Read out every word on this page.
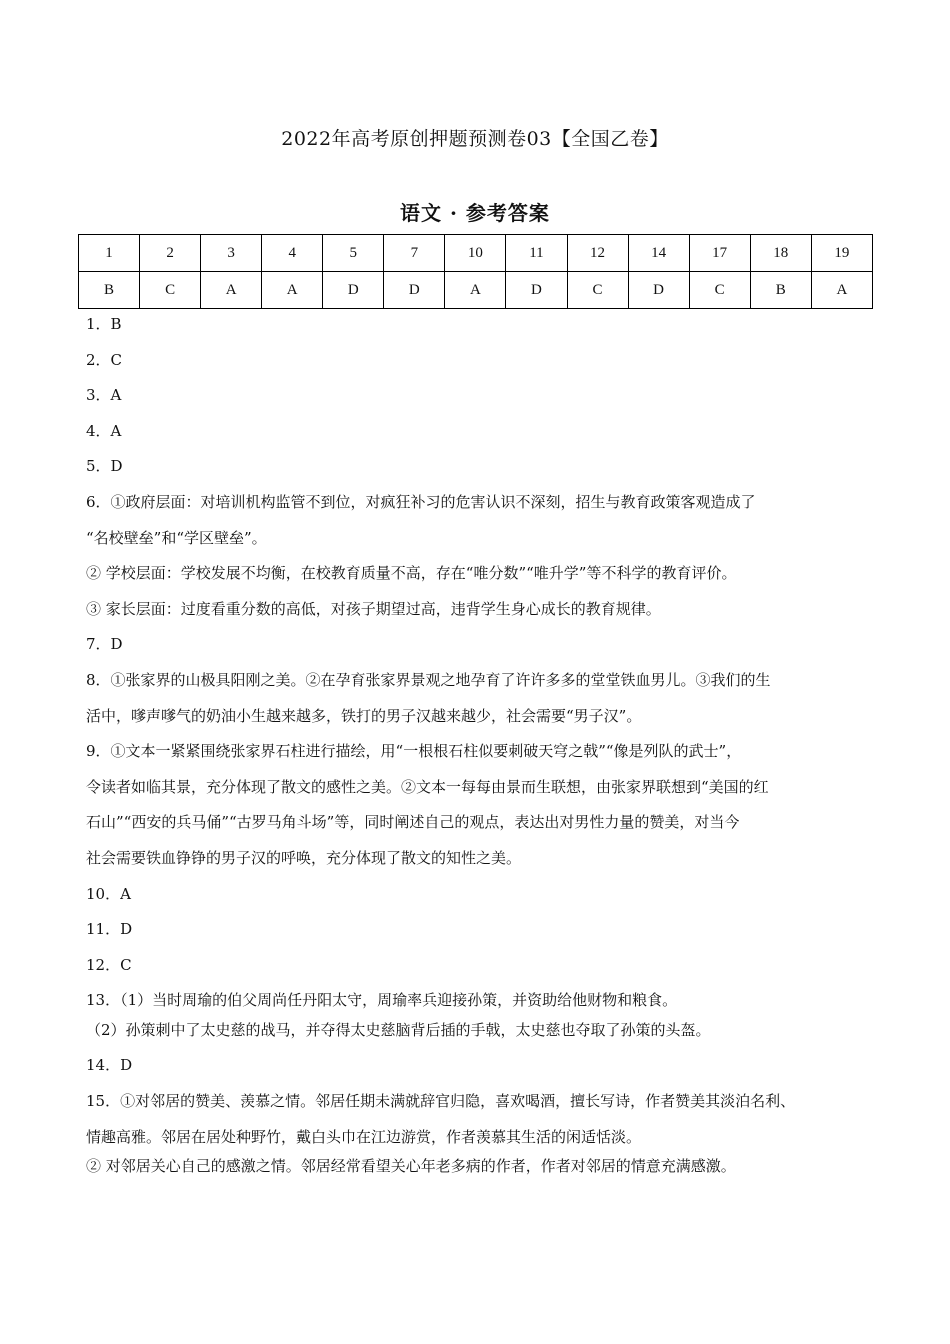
2022年高考原创押题预测卷03【全国乙卷】
语文 · 参考答案
1	2	3	4	5	7	10	11	12	14	17	18	19
B	C	A	A	D	D	A	D	C	D	C	B	A
1．B
2．C
3．A
4．A
5．D
6．①政府层面：对培训机构监管不到位，对疯狂补习的危害认识不深刻，招生与教育政策客观造成了
“名校壁垒”和“学区壁垒”。
② 学校层面：学校发展不均衡，在校教育质量不高，存在“唯分数”“唯升学”等不科学的教育评价。
③ 家长层面：过度看重分数的高低，对孩子期望过高，违背学生身心成长的教育规律。
7．D
8．①张家界的山极具阳刚之美。②在孕育张家界景观之地孕育了许许多多的堂堂铁血男儿。③我们的生
活中，嗲声嗲气的奶油小生越来越多，铁打的男子汉越来越少，社会需要“男子汉”。
9．①文本一紧紧围绕张家界石柱进行描绘，用“一根根石柱似要刺破天穹之戟”“像是列队的武士”，
令读者如临其景，充分体现了散文的感性之美。②文本一每每由景而生联想，由张家界联想到“美国的红
石山”“西安的兵马俑”“古罗马角斗场”等，同时阐述自己的观点，表达出对男性力量的赞美，对当今
社会需要铁血铮铮的男子汉的呼唤，充分体现了散文的知性之美。
10．A
11．D
12．C
13．（1）当时周瑜的伯父周尚任丹阳太守，周瑜率兵迎接孙策，并资助给他财物和粮食。
（2）孙策刺中了太史慈的战马，并夺得太史慈脑背后插的手戟，太史慈也夺取了孙策的头盔。
14．D
15．①对邻居的赞美、羡慕之情。邻居任期未满就辞官归隐，喜欢喝酒，擅长写诗，作者赞美其淡泊名利、
情趣高雅。邻居在居处种野竹，戴白头巾在江边游赏，作者羡慕其生活的闲适恬淡。
② 对邻居关心自己的感激之情。邻居经常看望关心年老多病的作者，作者对邻居的情意充满感激。
